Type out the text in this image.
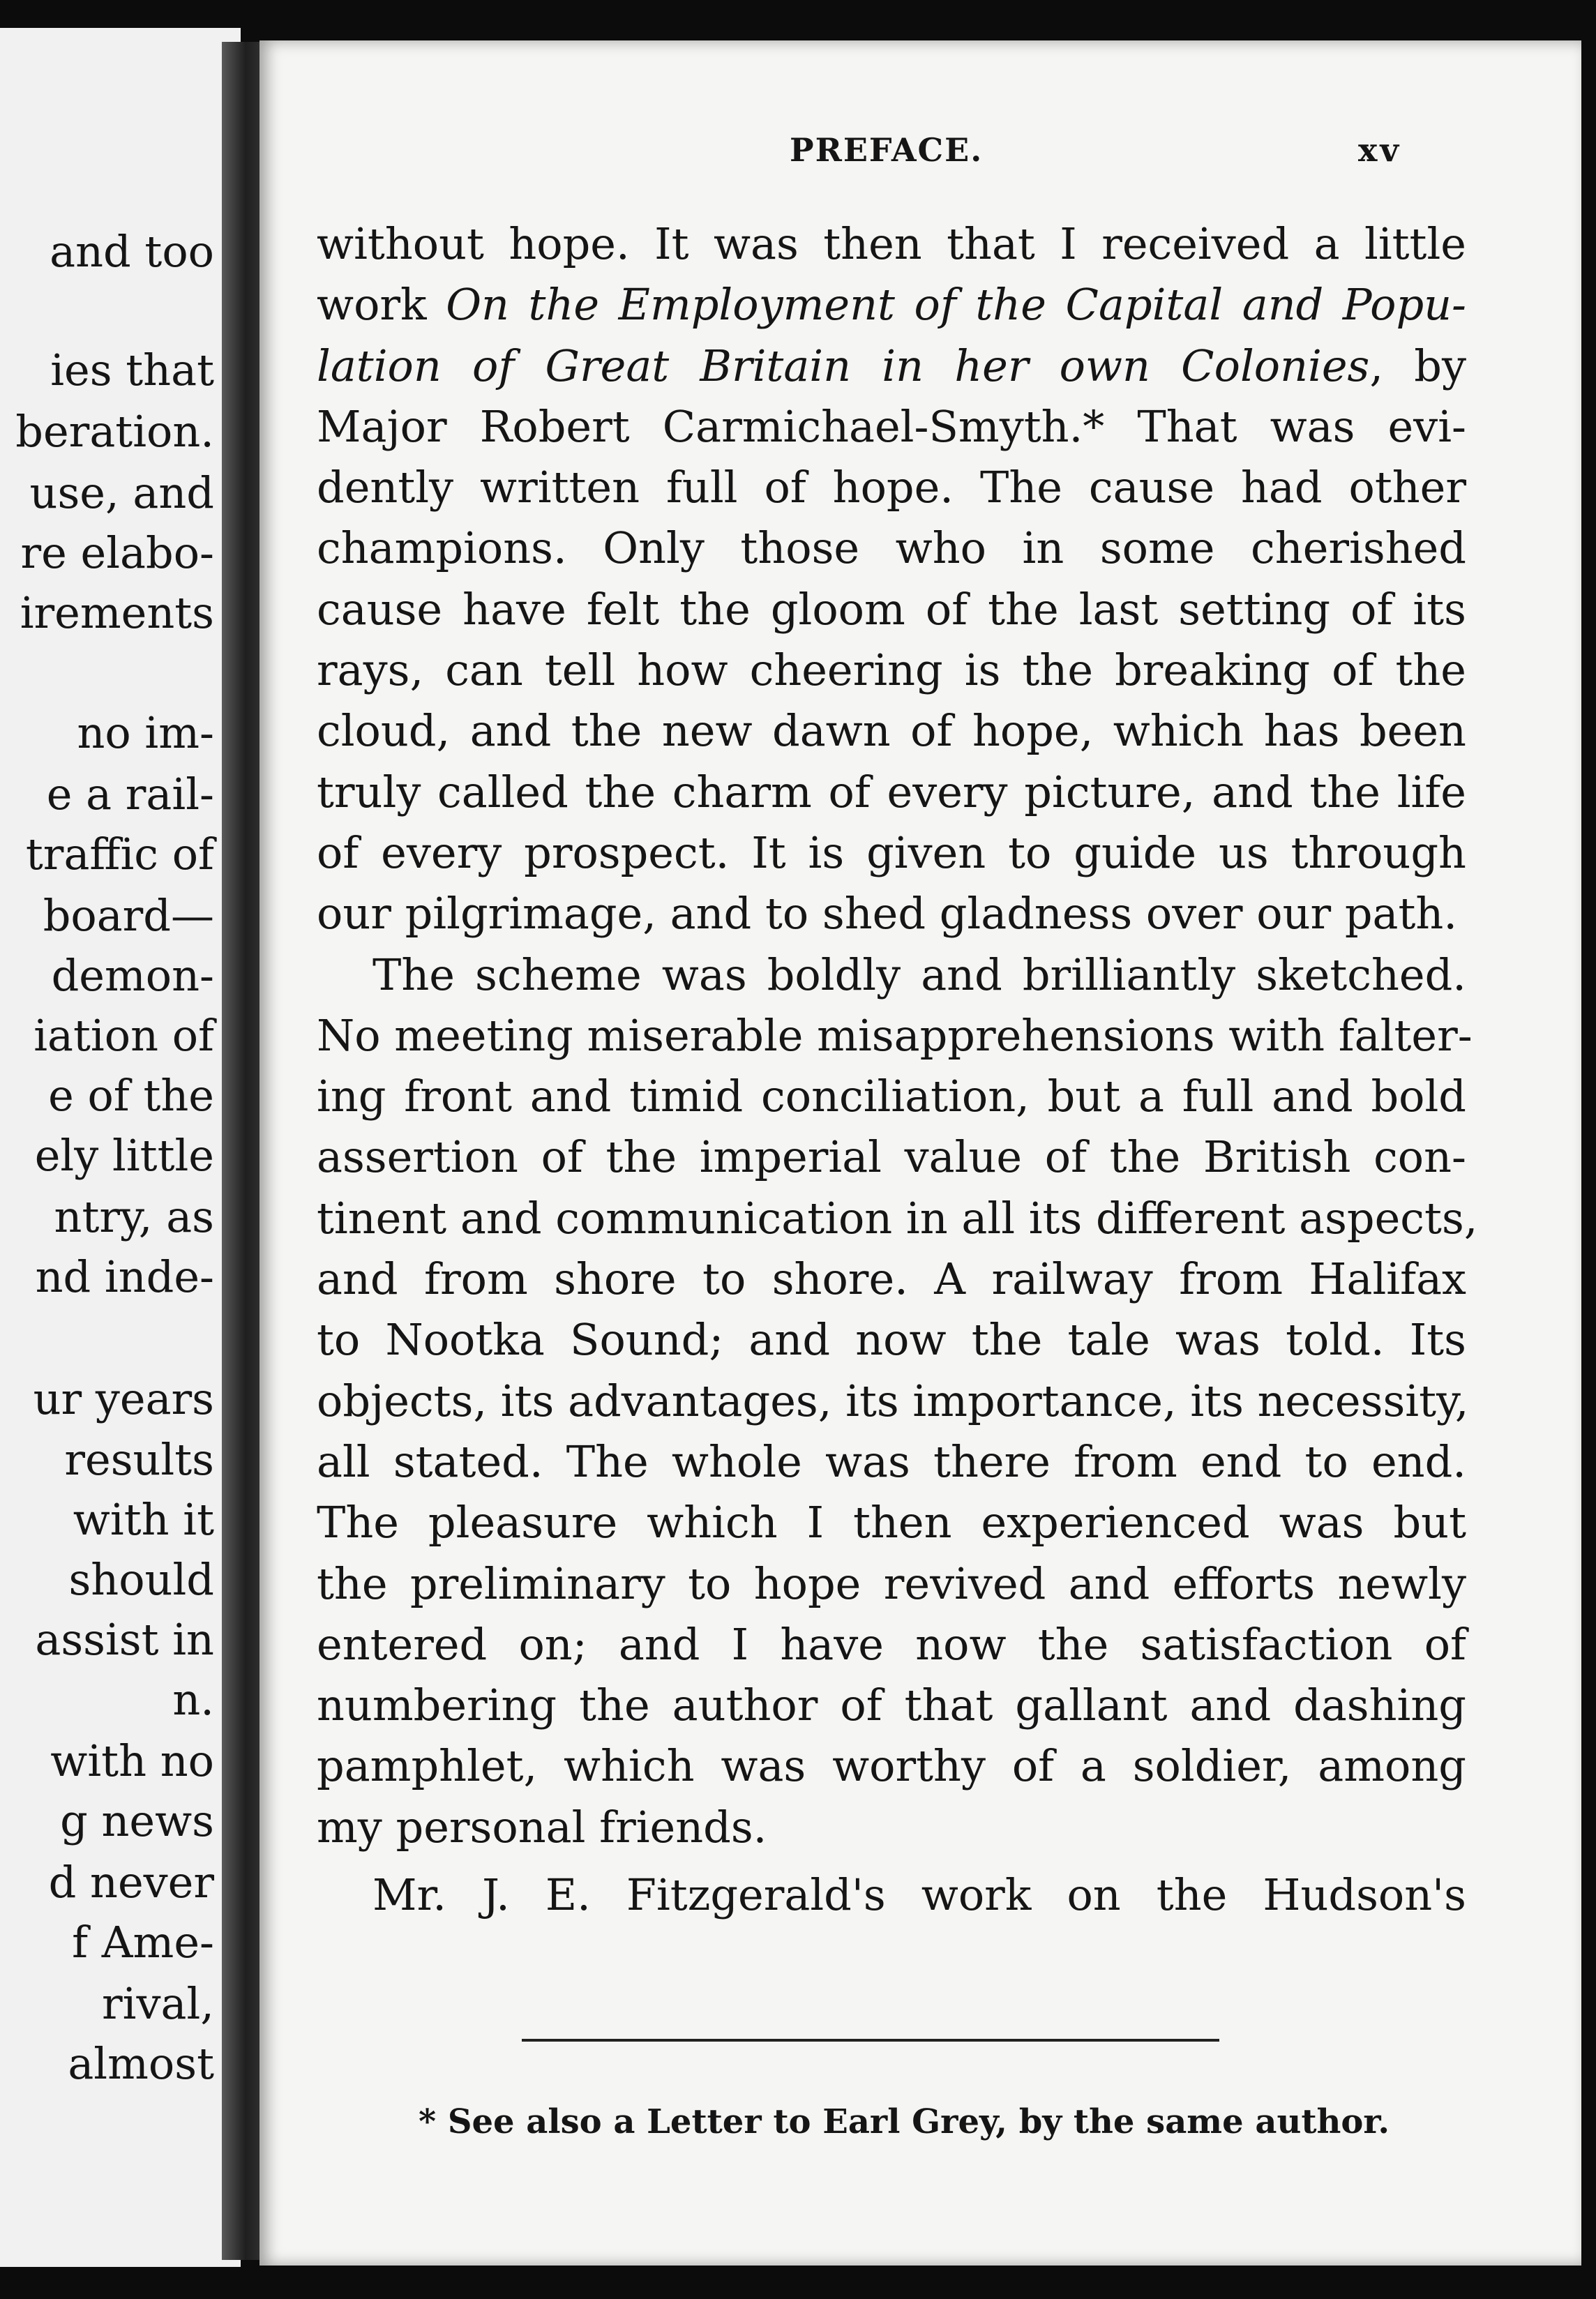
and too
ies that
beration.
use, and
re elabo-
irements
no im-
e a rail-
traffic of
board—
demon-
iation of
e of the
ely little
ntry, as
nd inde-
ur years
results
with it
should
assist in
n.
with no
g news
d never
f Ame-
rival,
almost
PREFACE.	xv
without hope. It was then that I received a little
work On the Employment of the Capital and Popu-
lation of Great Britain in her own Colonies, by
Major Robert Carmichael-Smyth.* That was evi-
dently written full of hope. The cause had other
champions. Only those who in some cherished
cause have felt the gloom of the last setting of its
rays, can tell how cheering is the breaking of the
cloud, and the new dawn of hope, which has been
truly called the charm of every picture, and the life
of every prospect. It is given to guide us through
our pilgrimage, and to shed gladness over our path.
The scheme was boldly and brilliantly sketched.
No meeting miserable misapprehensions with falter-
ing front and timid conciliation, but a full and bold
assertion of the imperial value of the British con-
tinent and communication in all its different aspects,
and from shore to shore. A railway from Halifax
to Nootka Sound; and now the tale was told. Its
objects, its advantages, its importance, its necessity,
all stated. The whole was there from end to end.
The pleasure which I then experienced was but
the preliminary to hope revived and efforts newly
entered on; and I have now the satisfaction of
numbering the author of that gallant and dashing
pamphlet, which was worthy of a soldier, among
my personal friends.
Mr. J. E. Fitzgerald's work on the Hudson's
* See also a Letter to Earl Grey, by the same author.
